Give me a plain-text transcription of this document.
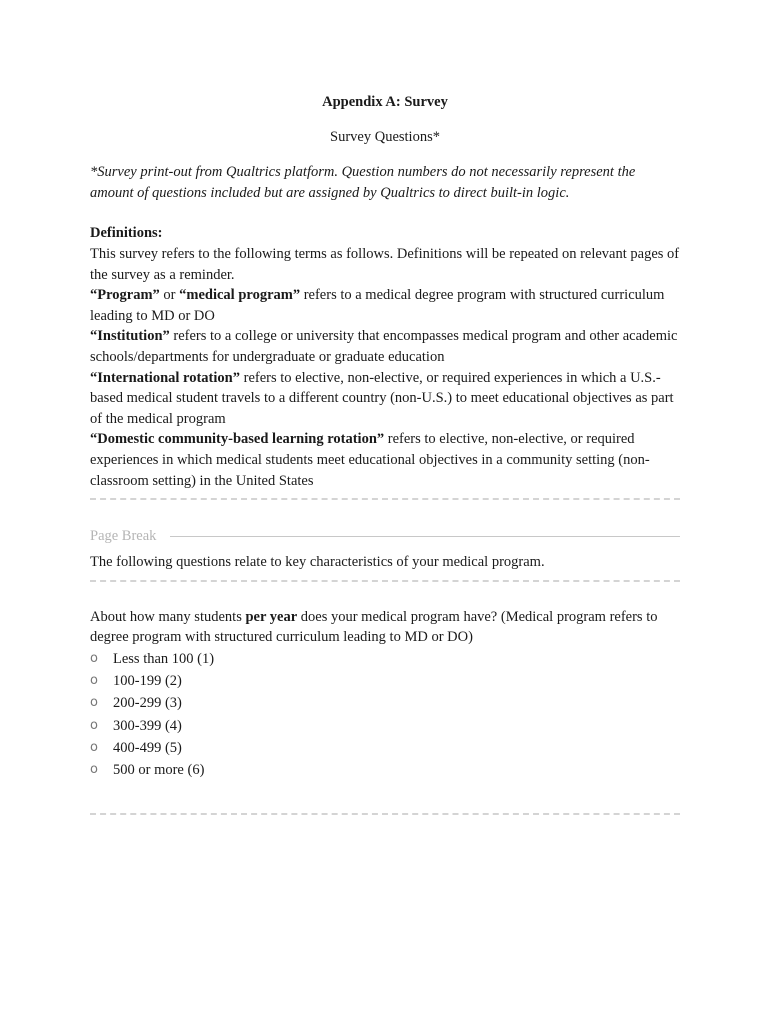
Appendix A: Survey

Survey Questions*

*Survey print-out from Qualtrics platform. Question numbers do not necessarily represent the amount of questions included but are assigned by Qualtrics to direct built-in logic.

Definitions:

This survey refers to the following terms as follows. Definitions will be repeated on relevant pages of the survey as a reminder.

“Program” or “medical program” refers to a medical degree program with structured curriculum leading to MD or DO

“Institution” refers to a college or university that encompasses medical program and other academic schools/departments for undergraduate or graduate education

“International rotation” refers to elective, non-elective, or required experiences in which a U.S.-based medical student travels to a different country (non-U.S.) to meet educational objectives as part of the medical program

“Domestic community-based learning rotation” refers to elective, non-elective, or required experiences in which medical students meet educational objectives in a community setting (non-classroom setting) in the United States

Page Break

The following questions relate to key characteristics of your medical program.

About how many students per year does your medical program have? (Medical program refers to degree program with structured curriculum leading to MD or DO)

o	Less than 100 (1)
o	100-199 (2)
o	200-299 (3)
o	300-399 (4)
o	400-499 (5)
o	500 or more (6)
